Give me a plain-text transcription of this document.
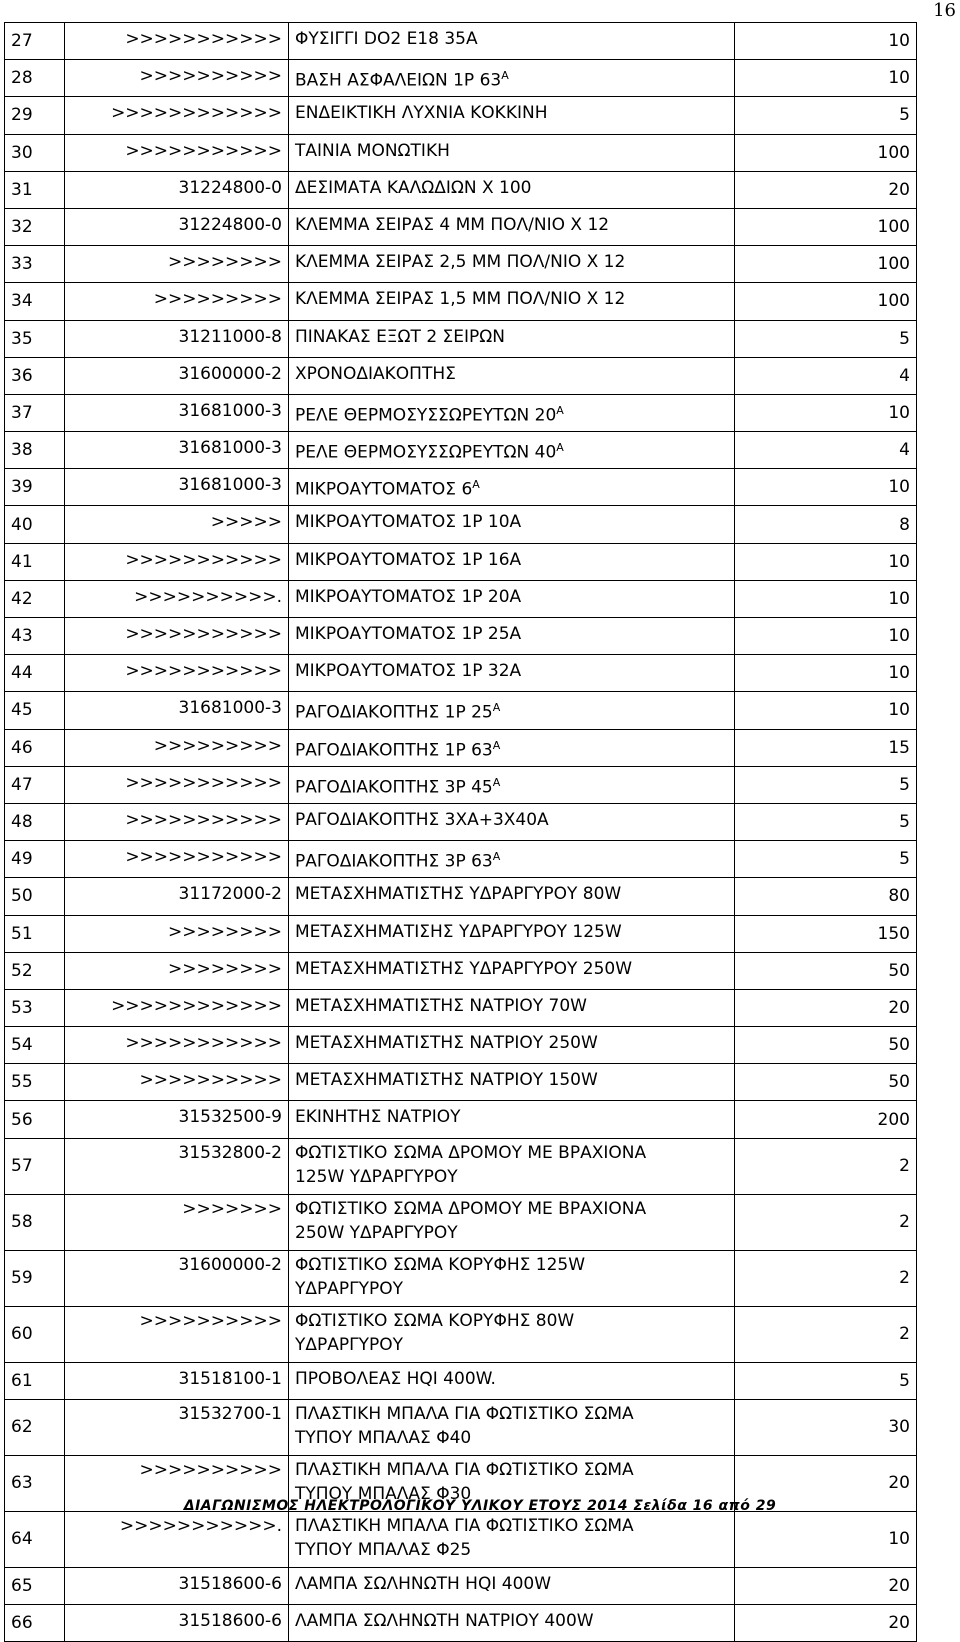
16
27	>>>>>>>>>>>	ΦΥΣΙΓΓΙ DO2 E18 35A	10
28	>>>>>>>>>>	ΒΑΣΗ ΑΣΦΑΛΕΙΩΝ 1Ρ $63^A$	10
29	>>>>>>>>>>>>	ΕΝΔΕΙΚΤΙΚΗ ΛΥΧΝΙΑ ΚΟΚΚΙΝΗ	5
30	>>>>>>>>>>>	ΤΑΙΝΙΑ ΜΟΝΩΤΙΚΗ	100
31	31224800-0	ΔΕΣΙΜΑΤΑ ΚΑΛΩΔΙΩΝ Χ 100	20
32	31224800-0	ΚΛΕΜΜΑ ΣΕΙΡΑΣ 4 ΜΜ ΠΟΛ/ΝΙΟ Χ 12	100
33	>>>>>>>>	ΚΛΕΜΜΑ ΣΕΙΡΑΣ 2,5 ΜΜ ΠΟΛ/ΝΙΟ Χ 12	100
34	>>>>>>>>>	ΚΛΕΜΜΑ ΣΕΙΡΑΣ 1,5 ΜΜ ΠΟΛ/ΝΙΟ Χ 12	100
35	31211000-8	ΠΙΝΑΚΑΣ ΕΞΩΤ 2 ΣΕΙΡΩΝ	5
36	31600000-2	ΧΡΟΝΟΔΙΑΚΟΠΤΗΣ	4
37	31681000-3	ΡΕΛΕ ΘΕΡΜΟΣΥΣΣΩΡΕΥΤΩΝ $20^A$	10
38	31681000-3	ΡΕΛΕ ΘΕΡΜΟΣΥΣΣΩΡΕΥΤΩΝ $40^A$	4
39	31681000-3	ΜΙΚΡΟΑΥΤΟΜΑΤΟΣ $6^A$	10
40	>>>>>	ΜΙΚΡΟΑΥΤΟΜΑΤΟΣ 1Ρ 10Α	8
41	>>>>>>>>>>>	ΜΙΚΡΟΑΥΤΟΜΑΤΟΣ 1Ρ 16Α	10
42	>>>>>>>>>>.	ΜΙΚΡΟΑΥΤΟΜΑΤΟΣ 1Ρ 20Α	10
43	>>>>>>>>>>>	ΜΙΚΡΟΑΥΤΟΜΑΤΟΣ 1Ρ 25Α	10
44	>>>>>>>>>>>	ΜΙΚΡΟΑΥΤΟΜΑΤΟΣ 1Ρ 32Α	10
45	31681000-3	ΡΑΓΟΔΙΑΚΟΠΤΗΣ 1Ρ $25^A$	10
46	>>>>>>>>>	ΡΑΓΟΔΙΑΚΟΠΤΗΣ 1Ρ $63^A$	15
47	>>>>>>>>>>>	ΡΑΓΟΔΙΑΚΟΠΤΗΣ 3Ρ $45^A$	5
48	>>>>>>>>>>>	ΡΑΓΟΔΙΑΚΟΠΤΗΣ 3ΧΑ+3Χ40Α	5
49	>>>>>>>>>>>	ΡΑΓΟΔΙΑΚΟΠΤΗΣ 3Ρ $63^A$	5
50	31172000-2	ΜΕΤΑΣΧΗΜΑΤΙΣΤΗΣ ΥΔΡΑΡΓΥΡΟΥ 80W	80
51	>>>>>>>>	ΜΕΤΑΣΧΗΜΑΤΙΣΗΣ ΥΔΡΑΡΓΥΡΟΥ 125W	150
52	>>>>>>>>	ΜΕΤΑΣΧΗΜΑΤΙΣΤΗΣ ΥΔΡΑΡΓΥΡΟΥ 250W	50
53	>>>>>>>>>>>>	ΜΕΤΑΣΧΗΜΑΤΙΣΤΗΣ ΝΑΤΡΙΟΥ 70W	20
54	>>>>>>>>>>>	ΜΕΤΑΣΧΗΜΑΤΙΣΤΗΣ ΝΑΤΡΙΟΥ 250W	50
55	>>>>>>>>>>	ΜΕΤΑΣΧΗΜΑΤΙΣΤΗΣ ΝΑΤΡΙΟΥ 150W	50
56	31532500-9	ΕΚΙΝΗΤΗΣ ΝΑΤΡΙΟΥ	200
57	31532800-2	ΦΩΤΙΣΤΙΚΟ ΣΩΜΑ ΔΡΟΜΟΥ ΜΕ ΒΡΑΧΙΟΝΑ
125W ΥΔΡΑΡΓΥΡΟΥ	2
58	>>>>>>>	ΦΩΤΙΣΤΙΚΟ ΣΩΜΑ ΔΡΟΜΟΥ ΜΕ ΒΡΑΧΙΟΝΑ
250W ΥΔΡΑΡΓΥΡΟΥ	2
59	31600000-2	ΦΩΤΙΣΤΙΚΟ ΣΩΜΑ ΚΟΡΥΦΗΣ 125W
ΥΔΡΑΡΓΥΡΟΥ	2
60	>>>>>>>>>>	ΦΩΤΙΣΤΙΚΟ ΣΩΜΑ ΚΟΡΥΦΗΣ 80W
ΥΔΡΑΡΓΥΡΟΥ	2
61	31518100-1	ΠΡΟΒΟΛΕΑΣ HQI 400W.	5
62	31532700-1	ΠΛΑΣΤΙΚΗ ΜΠΑΛΑ ΓΙΑ ΦΩΤΙΣΤΙΚΟ ΣΩΜΑ
ΤΥΠΟΥ ΜΠΑΛΑΣ Φ40	30
63	>>>>>>>>>>	ΠΛΑΣΤΙΚΗ ΜΠΑΛΑ ΓΙΑ ΦΩΤΙΣΤΙΚΟ ΣΩΜΑ
ΤΥΠΟΥ ΜΠΑΛΑΣ Φ30	20
64	>>>>>>>>>>>.	ΠΛΑΣΤΙΚΗ ΜΠΑΛΑ ΓΙΑ ΦΩΤΙΣΤΙΚΟ ΣΩΜΑ
ΤΥΠΟΥ ΜΠΑΛΑΣ Φ25	10
65	31518600-6	ΛΑΜΠΑ ΣΩΛΗΝΩΤΗ HQI 400W	20
66	31518600-6	ΛΑΜΠΑ ΣΩΛΗΝΩΤΗ ΝΑΤΡΙΟΥ 400W	20
ΔΙΑΓΩΝΙΣΜΟΣ ΗΛΕΚΤΡΟΛΟΓΙΚΟΥ ΥΛΙΚΟΥ ΕΤΟΥΣ 2014 Σελίδα 16 από 29
